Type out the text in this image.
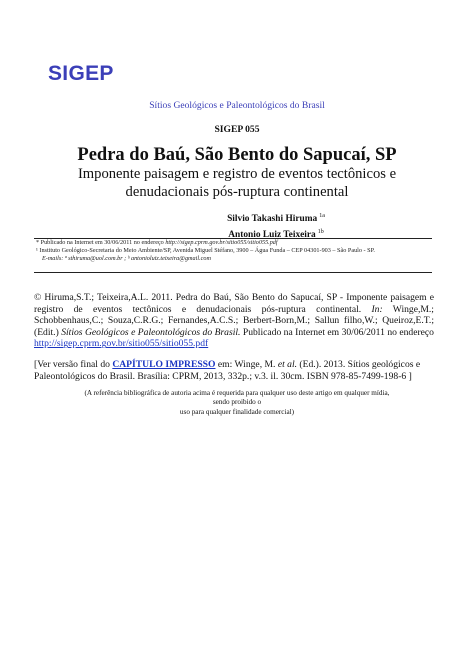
SIGEP
Sítios Geológicos e Paleontológicos do Brasil
SIGEP 055
Pedra do Baú, São Bento do Sapucaí, SP
Imponente paisagem e registro de eventos tectônicos e
denudacionais pós-ruptura continental
Silvio Takashi Hiruma $^{1a}$
Antonio Luiz Teixeira $^{1b}$
* Publicado na Internet em 30/06/2011 no endereço http://sigep.cprm.gov.br/sitio055/sitio055.pdf
¹ Instituto Geológico-Secretaria do Meio Ambiente/SP, Avenida Miguel Stéfano, 3900 – Água Funda – CEP 04301-903 – São Paulo - SP.
E-mails: ª sthiruma@uol.com.br ; ᵇ antonioluiz.teixeira@gmail.com
© Hiruma,S.T.; Teixeira,A.L. 2011. Pedra do Baú, São Bento do Sapucaí, SP - Imponente paisagem e registro de eventos tectônicos e denudacionais pós-ruptura continental. In: Winge,M.; Schobbenhaus,C.; Souza,C.R.G.; Fernandes,A.C.S.; Berbert-Born,M.; Sallun filho,W.; Queiroz,E.T.; (Edit.) Sítios Geológicos e Paleontológicos do Brasil. Publicado na Internet em 30/06/2011 no endereço http://sigep.cprm.gov.br/sitio055/sitio055.pdf
[Ver versão final do CAPÍTULO IMPRESSO em: Winge, M. et al. (Ed.). 2013. Sítios geológicos e Paleontológicos do Brasil. Brasília: CPRM, 2013, 332p.; v.3. il. 30cm. ISBN 978-85-7499-198-6 ]
(A referência bibliográfica de autoria acima é requerida para qualquer uso deste artigo em qualquer mídia, sendo proibido o
uso para qualquer finalidade comercial)
